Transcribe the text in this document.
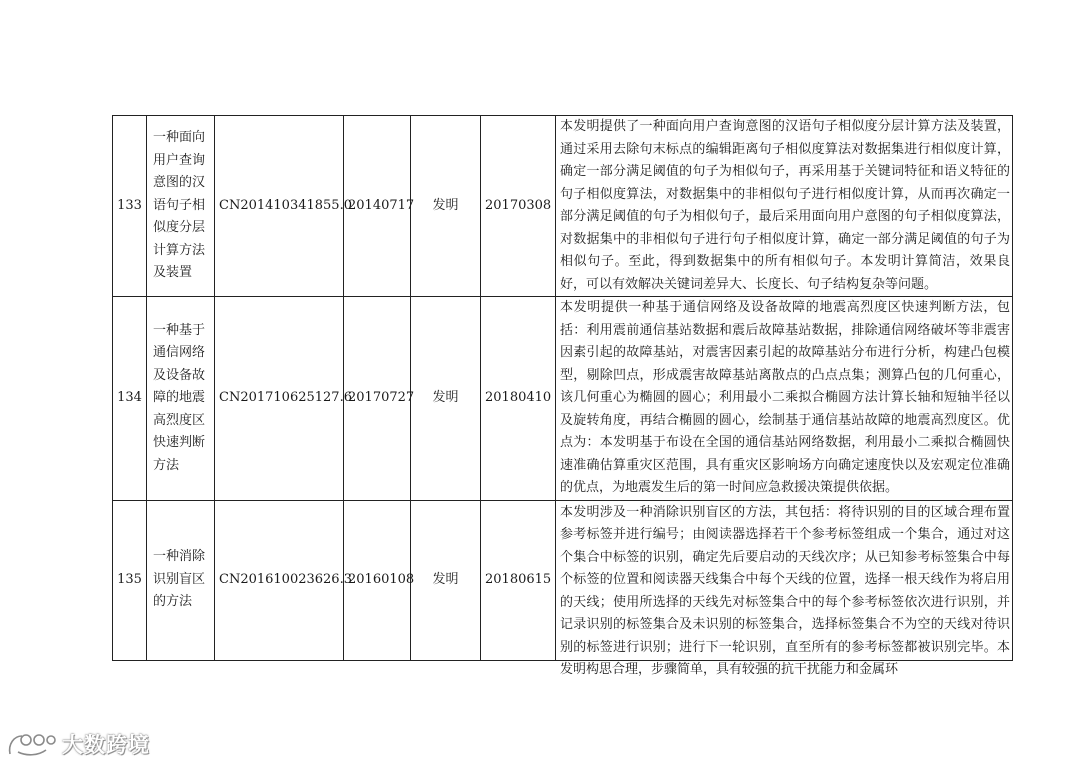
133	一种面向用户查询意图的汉语句子相似度分层计算方法及装置	CN201410341855.0	20140717	发明	20170308	本发明提供了一种面向用户查询意图的汉语句子相似度分层计算方法及装置，通过采用去除句末标点的编辑距离句子相似度算法对数据集进行相似度计算，确定一部分满足阈值的句子为相似句子，再采用基于关键词特征和语义特征的句子相似度算法，对数据集中的非相似句子进行相似度计算，从而再次确定一部分满足阈值的句子为相似句子，最后采用面向用户意图的句子相似度算法，对数据集中的非相似句子进行句子相似度计算，确定一部分满足阈值的句子为相似句子。至此，得到数据集中的所有相似句子。本发明计算简洁，效果良好，可以有效解决关键词差异大、长度长、句子结构复杂等问题。

134	一种基于通信网络及设备故障的地震高烈度区快速判断方法	CN201710625127.6	20170727	发明	20180410	本发明提供一种基于通信网络及设备故障的地震高烈度区快速判断方法，包括：利用震前通信基站数据和震后故障基站数据，排除通信网络破坏等非震害因素引起的故障基站，对震害因素引起的故障基站分布进行分析，构建凸包模型，剔除凹点，形成震害故障基站离散点的凸点点集；测算凸包的几何重心，该几何重心为椭圆的圆心；利用最小二乘拟合椭圆方法计算长轴和短轴半径以及旋转角度，再结合椭圆的圆心，绘制基于通信基站故障的地震高烈度区。优点为：本发明基于布设在全国的通信基站网络数据，利用最小二乘拟合椭圆快速准确估算重灾区范围，具有重灾区影响场方向确定速度快以及宏观定位准确的优点，为地震发生后的第一时间应急救援决策提供依据。

135	一种消除识别盲区的方法	CN201610023626.3	20160108	发明	20180615	本发明涉及一种消除识别盲区的方法，其包括：将待识别的目的区域合理布置参考标签并进行编号；由阅读器选择若干个参考标签组成一个集合，通过对这个集合中标签的识别，确定先后要启动的天线次序；从已知参考标签集合中每个标签的位置和阅读器天线集合中每个天线的位置，选择一根天线作为将启用的天线；使用所选择的天线先对标签集合中的每个参考标签依次进行识别，并记录识别的标签集合及未识别的标签集合，选择标签集合不为空的天线对待识别的标签进行识别；进行下一轮识别，直至所有的参考标签都被识别完毕。本发明构思合理，步骤简单，具有较强的抗干扰能力和金属环
大数跨境
